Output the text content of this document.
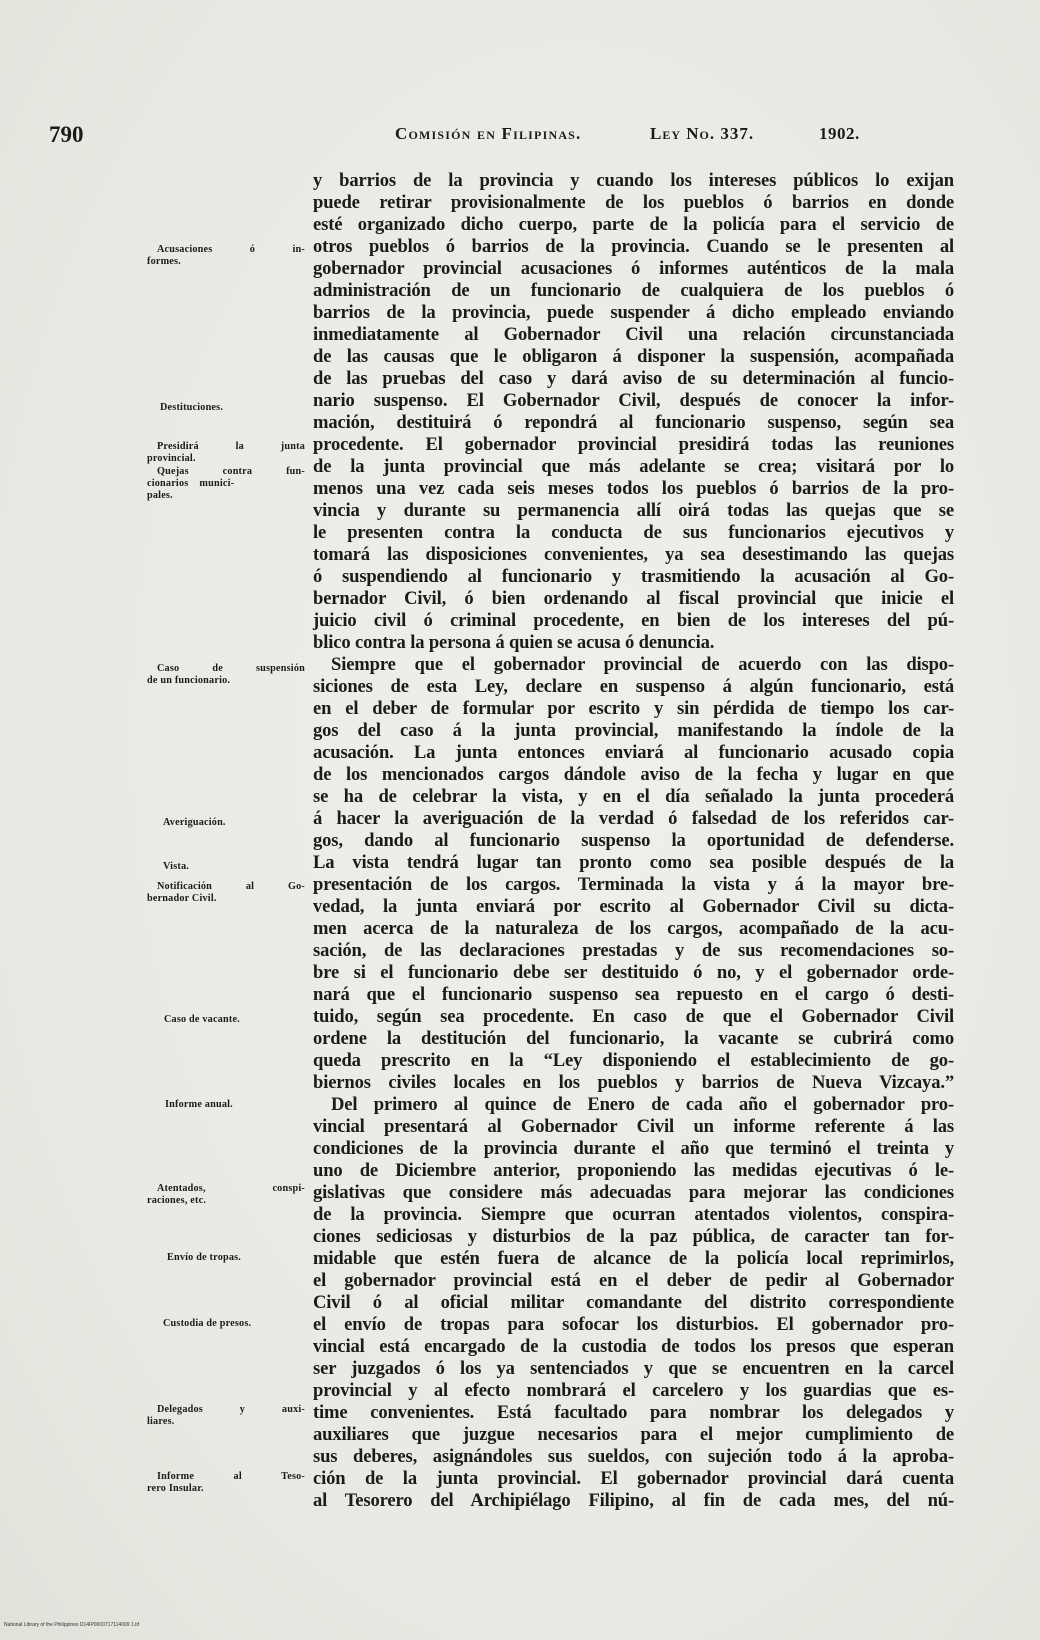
790	Comisión en Filipinas.	Ley No. 337.	1902.
Acusaciones ó in-
formes.
Destituciones.
Presidirá la junta
provincial.
Quejas contra fun-
cionarios    munici-
pales.
Caso de suspensión
de un funcionario.
Averiguación.
Vista.
Notificación al Go-
bernador Civil.
Caso de vacante.
Informe anual.
Atentados, conspi-
raciones, etc.
Envío de tropas.
Custodia de presos.
Delegados y auxi-
liares.
Informe al Teso-
rero Insular.
y barrios de la provincia y cuando los intereses públicos lo exijan
puede retirar provisionalmente de los pueblos ó barrios en donde
esté organizado dicho cuerpo, parte de la policía para el servicio de
otros pueblos ó barrios de la provincia. Cuando se le presenten al
gobernador provincial acusaciones ó informes auténticos de la mala
administración de un funcionario de cualquiera de los pueblos ó
barrios de la provincia, puede suspender á dicho empleado enviando
inmediatamente al Gobernador Civil una relación circunstanciada
de las causas que le obligaron á disponer la suspensión, acompañada
de las pruebas del caso y dará aviso de su determinación al funcio-
nario suspenso. El Gobernador Civil, después de conocer la infor-
mación, destituirá ó repondrá al funcionario suspenso, según sea
procedente. El gobernador provincial presidirá todas las reuniones
de la junta provincial que más adelante se crea; visitará por lo
menos una vez cada seis meses todos los pueblos ó barrios de la pro-
vincia y durante su permanencia allí oirá todas las quejas que se
le presenten contra la conducta de sus funcionarios ejecutivos y
tomará las disposiciones convenientes, ya sea desestimando las quejas
ó suspendiendo al funcionario y trasmitiendo la acusación al Go-
bernador Civil, ó bien ordenando al fiscal provincial que inicie el
juicio civil ó criminal procedente, en bien de los intereses del pú-
blico contra la persona á quien se acusa ó denuncia.
Siempre que el gobernador provincial de acuerdo con las dispo-
siciones de esta Ley, declare en suspenso á algún funcionario, está
en el deber de formular por escrito y sin pérdida de tiempo los car-
gos del caso á la junta provincial, manifestando la índole de la
acusación. La junta entonces enviará al funcionario acusado copia
de los mencionados cargos dándole aviso de la fecha y lugar en que
se ha de celebrar la vista, y en el día señalado la junta procederá
á hacer la averiguación de la verdad ó falsedad de los referidos car-
gos, dando al funcionario suspenso la oportunidad de defenderse.
La vista tendrá lugar tan pronto como sea posible después de la
presentación de los cargos. Terminada la vista y á la mayor bre-
vedad, la junta enviará por escrito al Gobernador Civil su dicta-
men acerca de la naturaleza de los cargos, acompañado de la acu-
sación, de las declaraciones prestadas y de sus recomendaciones so-
bre si el funcionario debe ser destituido ó no, y el gobernador orde-
nará que el funcionario suspenso sea repuesto en el cargo ó desti-
tuido, según sea procedente. En caso de que el Gobernador Civil
ordene la destitución del funcionario, la vacante se cubrirá como
queda prescrito en la “Ley disponiendo el establecimiento de go-
biernos civiles locales en los pueblos y barrios de Nueva Vizcaya.”
Del primero al quince de Enero de cada año el gobernador pro-
vincial presentará al Gobernador Civil un informe referente á las
condiciones de la provincia durante el año que terminó el treinta y
uno de Diciembre anterior, proponiendo las medidas ejecutivas ó le-
gislativas que considere más adecuadas para mejorar las condiciones
de la provincia. Siempre que ocurran atentados violentos, conspira-
ciones sediciosas y disturbios de la paz pública, de caracter tan for-
midable que estén fuera de alcance de la policía local reprimirlos,
el gobernador provincial está en el deber de pedir al Gobernador
Civil ó al oficial militar comandante del distrito correspondiente
el envío de tropas para sofocar los disturbios. El gobernador pro-
vincial está encargado de la custodia de todos los presos que esperan
ser juzgados ó los ya sentenciados y que se encuentren en la carcel
provincial y al efecto nombrará el carcelero y los guardias que es-
time convenientes. Está facultado para nombrar los delegados y
auxiliares que juzgue necesarios para el mejor cumplimiento de
sus deberes, asignándoles sus sueldos, con sujeción todo á la aproba-
ción de la junta provincial. El gobernador provincial dará cuenta
al Tesorero del Archipiélago Filipino, al fin de cada mes, del nú-
National Library of the Philippines D14IP0000717114009 1.tif
